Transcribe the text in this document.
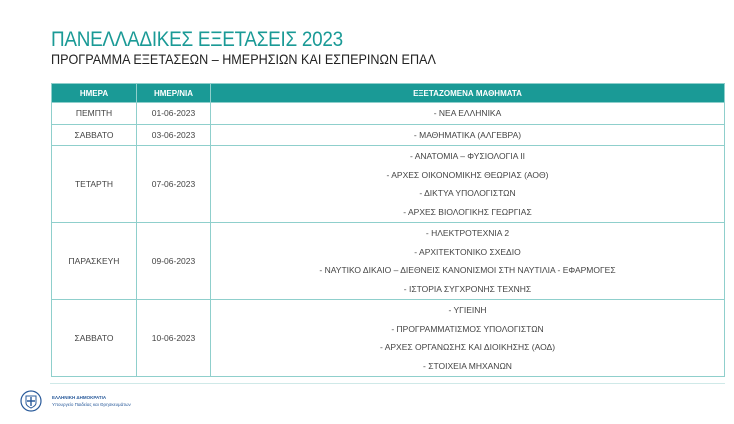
ΠΑΝΕΛΛΑΔΙΚΕΣ ΕΞΕΤΑΣΕΙΣ 2023
ΠΡΟΓΡΑΜΜΑ ΕΞΕΤΑΣΕΩΝ – ΗΜΕΡΗΣΙΩΝ ΚΑΙ ΕΣΠΕΡΙΝΩΝ ΕΠΑΛ
ΗΜΕΡΑ	ΗΜΕΡ/ΝΙΑ	ΕΞΕΤΑΖΟΜΕΝΑ ΜΑΘΗΜΑΤΑ
ΠΕΜΠΤΗ	01-06-2023	- ΝΕΑ ΕΛΛΗΝΙΚΑ

ΣΑΒΒΑΤΟ	03-06-2023	- ΜΑΘΗΜΑΤΙΚΑ (ΑΛΓΕΒΡΑ)

ΤΕΤΑΡΤΗ	07-06-2023	- ΑΝΑΤΟΜΙΑ – ΦΥΣΙΟΛΟΓΙΑ ΙΙ
- ΑΡΧΕΣ ΟΙΚΟΝΟΜΙΚΗΣ ΘΕΩΡΙΑΣ (ΑΟΘ)
- ΔΙΚΤΥΑ ΥΠΟΛΟΓΙΣΤΩΝ
- ΑΡΧΕΣ ΒΙΟΛΟΓΙΚΗΣ ΓΕΩΡΓΙΑΣ

ΠΑΡΑΣΚΕΥΗ	09-06-2023	- ΗΛΕΚΤΡΟΤΕΧΝΙΑ 2
- ΑΡΧΙΤΕΚΤΟΝΙΚΟ ΣΧΕΔΙΟ
- ΝΑΥΤΙΚΟ ΔΙΚΑΙΟ – ΔΙΕΘΝΕΙΣ ΚΑΝΟΝΙΣΜΟΙ ΣΤΗ ΝΑΥΤΙΛΙΑ - ΕΦΑΡΜΟΓΕΣ
- ΙΣΤΟΡΙΑ ΣΥΓΧΡΟΝΗΣ ΤΕΧΝΗΣ

ΣΑΒΒΑΤΟ	10-06-2023	- ΥΓΙΕΙΝΗ
- ΠΡΟΓΡΑΜΜΑΤΙΣΜΟΣ ΥΠΟΛΟΓΙΣΤΩΝ
- ΑΡΧΕΣ ΟΡΓΑΝΩΣΗΣ ΚΑΙ ΔΙΟΙΚΗΣΗΣ (ΑΟΔ)
- ΣΤΟΙΧΕΙΑ ΜΗΧΑΝΩΝ
ΕΛΛΗΝΙΚΗ ΔΗΜΟΚΡΑΤΙΑ
Υπουργείο Παιδείας και Θρησκευμάτων
